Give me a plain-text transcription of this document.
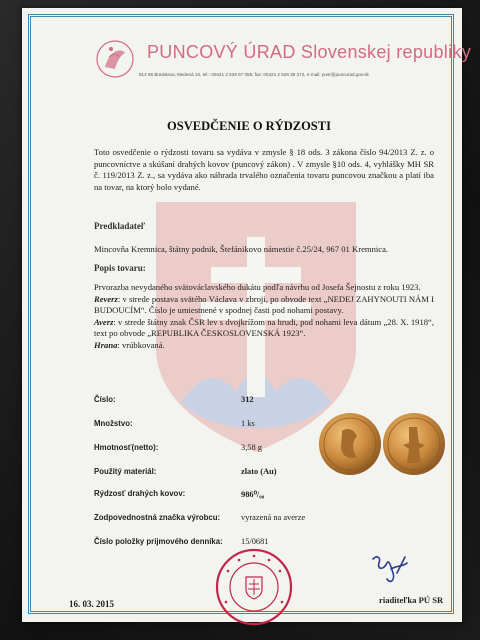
PUNCOVÝ ÚRAD Slovenskej republiky
814 56 Bratislava, Medená 10, tel.: 00421 2 529 67 055, fax: 00421 2 526 35 272, e-mail: pusr@puncurad.gov.sk
OSVEDČENIE O RÝDZOSTI
Toto osvedčenie o rýdzosti tovaru sa vydáva v zmysle § 18 ods. 3 zákona číslo 94/2013 Z. z. o puncovníctve a skúšaní drahých kovov (puncový zákon) . V zmysle §10 ods. 4, vyhlášky MH SR č. 119/2013 Z. z., sa vydáva ako náhrada trvalého označenia tovaru puncovou značkou a platí iba na tovar, na ktorý bolo vydané.
Predkladateľ
Mincovňa Kremnica, štátny podnik, Štefánikovo námestie č.25/24, 967 01 Kremnica.
Popis tovaru:
Prvorazba nevydaného svätováclavského dukátu podľa návrhu od Josefa Šejnostu z roku 1923.
Reverz: v strede postava svätého Václava v zbroji, po obvode text „NEDEJ ZAHYNOUTI NÁM I BUDOUCÍM“. Číslo je umiestnené v spodnej časti pod nohami postavy.
Averz: v strede štátny znak ČSR lev s dvojkrížom na hrudi, pod nohami leva dátum „28. X. 1918“, text po obvode „REPUBLIKA ČESKOSLOVENSKÁ 1923“.
Hrana: vrúbkovaná.
Číslo:	312
Množstvo:	1 ks
Hmotnosť(netto):	3,58 g
Použitý materiál:	zlato (Au)
Rýdzosť drahých kovov:	986⁰/₀₀
Zodpovednostná značka výrobcu: vyrazená na averze
Číslo položky prijmového denníka: 15/0681
16. 03. 2015	riaditeľka PÚ SR
